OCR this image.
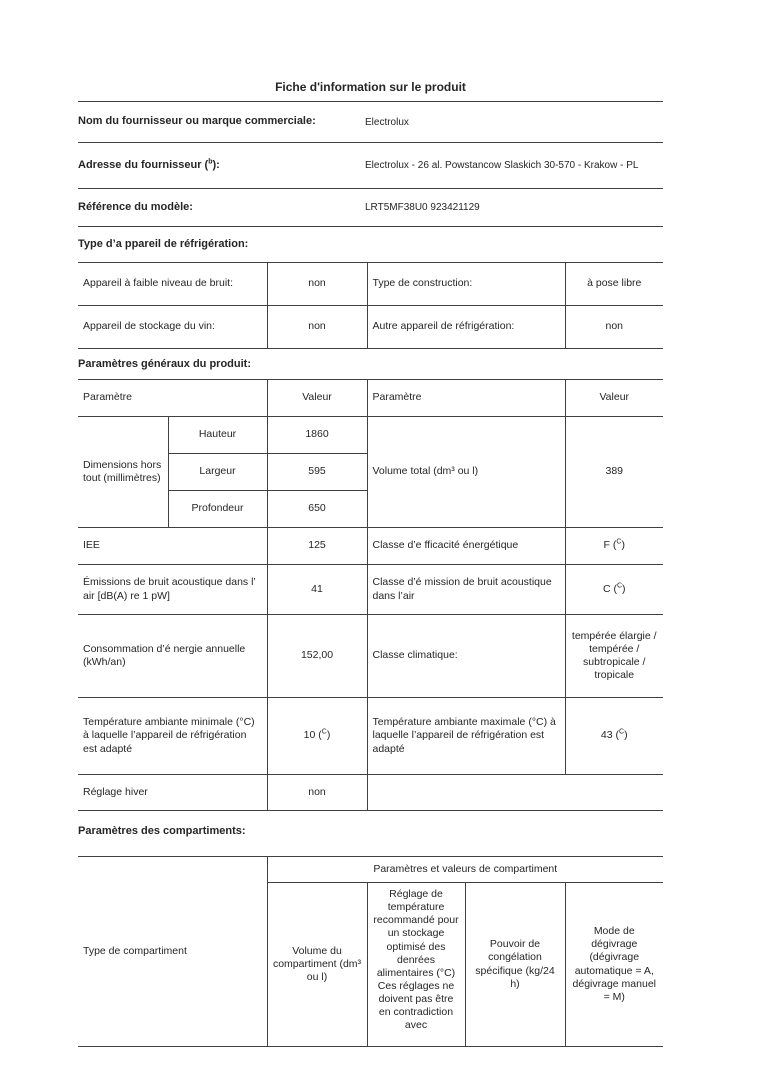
Fiche d'information sur le produit
Nom du fournisseur ou marque commerciale:	Electrolux
Adresse du fournisseur ($^b$):	Electrolux - 26 al. Powstancow Slaskich 30-570 - Krakow - PL
Référence du modèle:	LRT5MF38U0 923421129
Type d’a ppareil de réfrigération:
Appareil à faible niveau de bruit:	non	Type de construction:	à pose libre
Appareil de stockage du vin:	non	Autre appareil de réfrigération:	non
Paramètres généraux du produit:
Paramètre		Valeur	Paramètre	Valeur
Dimensions hors tout (millimètres)	Hauteur	1860	Volume total (dm³ ou l)	389
	Largeur	595		
	Profondeur	650		
IEE		125	Classe d’e fficacité énergétique	F ($^C$)
Émissions de bruit acoustique dans l’ air [dB(A) re 1 pW]		41	Classe d’é mission de bruit acoustique dans l’air	C ($^C$)
Consommation d’é nergie annuelle (kWh/an)		152,00	Classe climatique:	tempérée élargie / tempérée / subtropicale / tropicale
Température ambiante minimale (°C) à laquelle l’appareil de réfrigération est adapté		10 ($^C$)	Température ambiante maximale (°C) à laquelle l’appareil de réfrigération est adapté	43 ($^C$)
Réglage hiver		non		
Paramètres des compartiments:
Type de compartiment	Paramètres et valeurs de compartiment			
	Volume du compartiment (dm³ ou l)	Réglage de température recommandé pour un stockage optimisé des denrées alimentaires (°C) Ces réglages ne doivent pas être en contradiction avec	Pouvoir de congélation spécifique (kg/24 h)	Mode de dégivrage (dégivrage automatique = A, dégivrage manuel = M)
